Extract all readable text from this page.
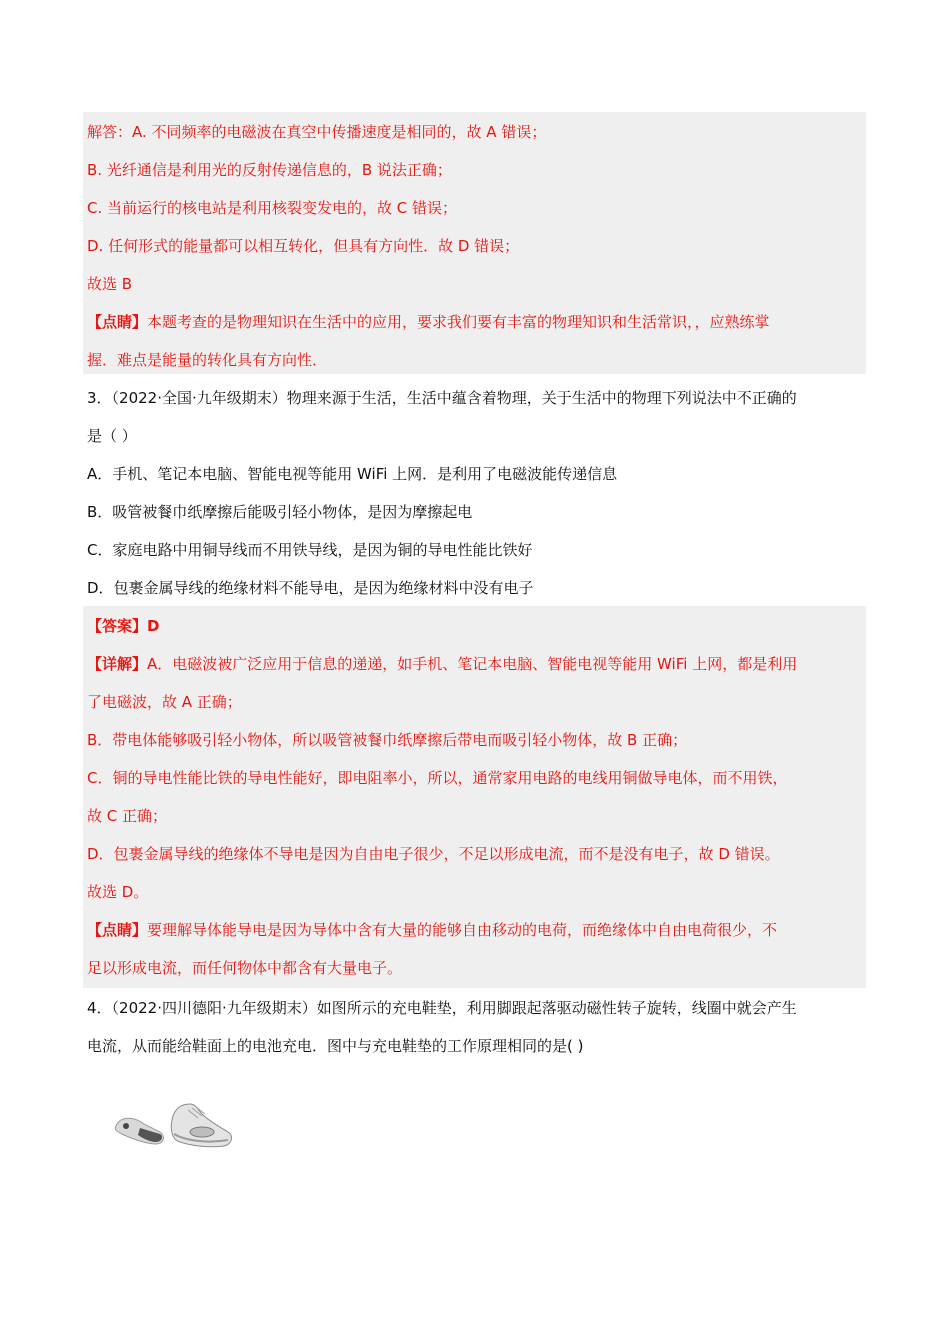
解答：A. 不同频率的电磁波在真空中传播速度是相同的，故 A 错误；
B. 光纤通信是利用光的反射传递信息的，B 说法正确；
C. 当前运行的核电站是利用核裂变发电的，故 C 错误；
D. 任何形式的能量都可以相互转化，但具有方向性．故 D 错误；
故选 B
【点睛】本题考查的是物理知识在生活中的应用，要求我们要有丰富的物理知识和生活常识，，应熟练掌
握．难点是能量的转化具有方向性．
3．（2022·全国·九年级期末）物理来源于生活，生活中蕴含着物理，关于生活中的物理下列说法中不正确的
是（ ）
A．手机、笔记本电脑、智能电视等能用 WiFi 上网．是利用了电磁波能传递信息
B．吸管被餐巾纸摩擦后能吸引轻小物体，是因为摩擦起电
C．家庭电路中用铜导线而不用铁导线，是因为铜的导电性能比铁好
D．包裹金属导线的绝缘材料不能导电，是因为绝缘材料中没有电子
【答案】D
【详解】A．电磁波被广泛应用于信息的递递，如手机、笔记本电脑、智能电视等能用 WiFi 上网，都是利用
了电磁波，故 A 正确；
B．带电体能够吸引轻小物体，所以吸管被餐巾纸摩擦后带电而吸引轻小物体，故 B 正确；
C．铜的导电性能比铁的导电性能好，即电阻率小，所以，通常家用电路的电线用铜做导电体，而不用铁，
故 C 正确；
D．包裹金属导线的绝缘体不导电是因为自由电子很少，不足以形成电流，而不是没有电子，故 D 错误。
故选 D。
【点睛】要理解导体能导电是因为导体中含有大量的能够自由移动的电荷，而绝缘体中自由电荷很少，不
足以形成电流，而任何物体中都含有大量电子。
4．（2022·四川德阳·九年级期末）如图所示的充电鞋垫，利用脚跟起落驱动磁性转子旋转，线圈中就会产生
电流，从而能给鞋面上的电池充电．图中与充电鞋垫的工作原理相同的是( )
